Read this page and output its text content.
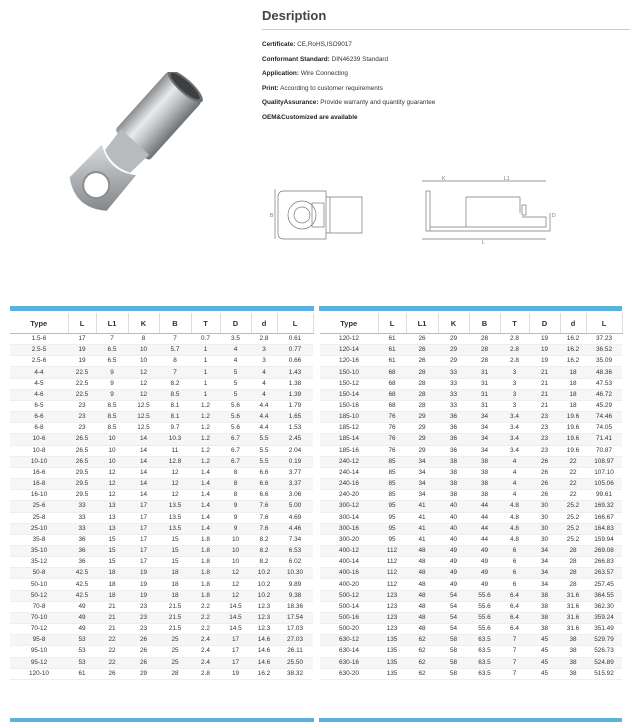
B
K	L1
D
L
Desription
Certificate: CE,RoHS,ISO9017
Conformant Standard: DIN46239 Standard
Application: Wire Connecting
Print: According to customer requirements
QualityAssurance: Provide warranty and quantity guarantee
OEM&Customized are available
Type	L	L1	K	B	T	D	d	L
1.5-6	17	7	8	7	0.7	3.5	2.8	0.61
2.5-5	19	6.5	10	5.7	1	4	3	0.77
2.5-6	19	6.5	10	8	1	4	3	0.66
4-4	22.5	9	12	7	1	5	4	1.43
4-5	22.5	9	12	8.2	1	5	4	1.38
4-6	22.5	9	12	8.5	1	5	4	1.39
6-5	23	8.5	12.5	8.1	1.2	5.6	4.4	1.79
6-6	23	8.5	12.5	8.1	1.2	5.6	4.4	1.65
6-8	23	8.5	12.5	9.7	1.2	5.6	4.4	1.53
10-6	26.5	10	14	10.3	1.2	6.7	5.5	2.45
10-8	26.5	10	14	11	1.2	6.7	5.5	2.04
10-10	26.5	10	14	12.8	1.2	6.7	5.5	0.19
16-6	29.5	12	14	12	1.4	8	6.6	3.77
16-8	29.5	12	14	12	1.4	8	6.6	3.37
16-10	29.5	12	14	12	1.4	8	6.6	3.06
25-6	33	13	17	13.5	1.4	9	7.6	5.00
25-8	33	13	17	13.5	1.4	9	7.6	4.69
25-10	33	13	17	13.5	1.4	9	7.6	4.46
35-8	36	15	17	15	1.8	10	8.2	7.34
35-10	36	15	17	15	1.8	10	8.2	6.53
35-12	36	15	17	15	1.8	10	8.2	6.02
50-8	42.5	18	19	18	1.8	12	10.2	10.30
50-10	42.5	18	19	18	1.8	12	10.2	9.89
50-12	42.5	18	19	18	1.8	12	10.2	9.38
70-8	49	21	23	21.5	2.2	14.5	12.3	18.36
70-10	49	21	23	21.5	2.2	14.5	12.3	17.54
70-12	49	21	23	21.5	2.2	14.5	12.3	17.03
95-8	53	22	26	25	2.4	17	14.6	27.03
95-10	53	22	26	25	2.4	17	14.6	26.11
95-12	53	22	26	25	2.4	17	14.6	25.50
120-10	61	26	29	28	2.8	19	16.2	38.32
Type	L	L1	K	B	T	D	d	L
120-12	61	26	29	28	2.8	19	16.2	37.23
120-14	61	26	29	28	2.8	19	16.2	36.52
120-16	61	26	29	28	2.8	19	16.2	35.09
150-10	68	28	33	31	3	21	18	48.36
150-12	68	28	33	31	3	21	18	47.53
150-14	68	28	33	31	3	21	18	46.72
150-16	68	28	33	31	3	21	18	45.29
185-10	76	29	36	34	3.4	23	19.6	74.46
185-12	76	29	36	34	3.4	23	19.6	74.05
185-14	76	29	36	34	3.4	23	19.6	71.41
185-16	76	29	36	34	3.4	23	19.6	70.87
240-12	85	34	38	38	4	26	22	108.97
240-14	85	34	38	38	4	26	22	107.10
240-16	85	34	38	38	4	26	22	105.06
240-20	85	34	38	38	4	26	22	99.61
300-12	95	41	40	44	4.8	30	25.2	169.32
300-14	95	41	40	44	4.8	30	25.2	166.67
300-16	95	41	40	44	4.8	30	25.2	164.83
300-20	95	41	40	44	4.8	30	25.2	159.94
400-12	112	48	49	49	6	34	28	269.08
400-14	112	48	49	49	6	34	28	266.83
400-16	112	48	49	49	6	34	28	263.57
400-20	112	48	49	49	6	34	28	257.45
500-12	123	48	54	55.6	6.4	38	31.6	364.55
500-14	123	48	54	55.6	6.4	38	31.6	362.30
500-16	123	48	54	55.6	6.4	38	31.6	359.24
500-20	123	48	54	55.6	6.4	38	31.6	351.49
630-12	135	62	58	63.5	7	45	38	529.79
630-14	135	62	58	63.5	7	45	38	526.73
630-16	135	62	58	63.5	7	45	38	524.89
630-20	135	62	58	63.5	7	45	38	515.92
